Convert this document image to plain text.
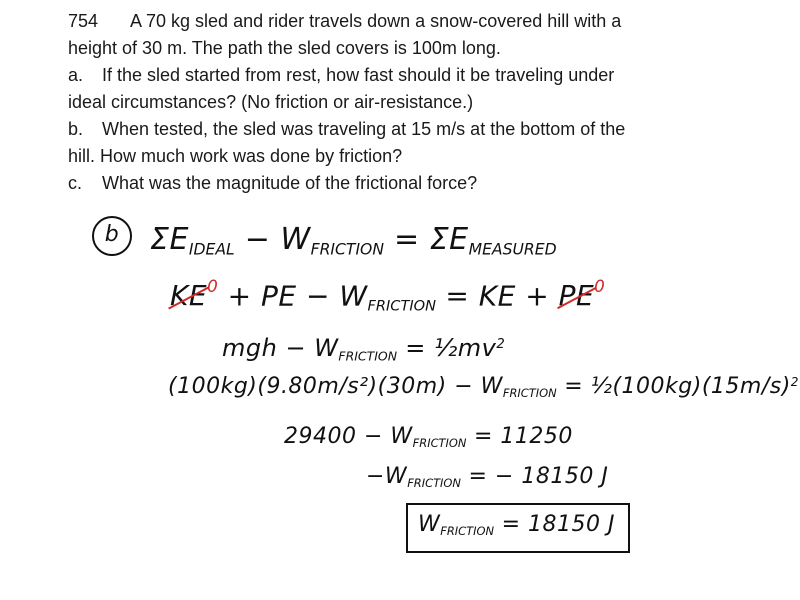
754 A 70 kg sled and rider travels down a snow-covered hill with a
height of 30 m. The path the sled covers is 100m long.
a. If the sled started from rest, how fast should it be traveling under
ideal circumstances? (No friction or air-resistance.)
b. When tested, the sled was traveling at 15 m/s at the bottom of the
hill. How much work was done by friction?
c. What was the magnitude of the frictional force?
b	$\Sigma E_{IDEAL} - W_{FRICTION} = \Sigma E_{MEASURED}$
$KE^0$ + PE − $W_{FRICTION}$ = KE + $PE^0$
mgh − $W_{FRICTION}$ = $\frac{1}{2}mv^2$
$(100kg)(9.80m/s^2)(30m) - W_{FRICTION}$ = $\frac{1}{2}(100kg)(15m/s)^2$
$29400 - W_{FRICTION} = 11250$
$-W_{FRICTION}$ = − 18150 J
$W_{FRICTION} = 18150$ J
